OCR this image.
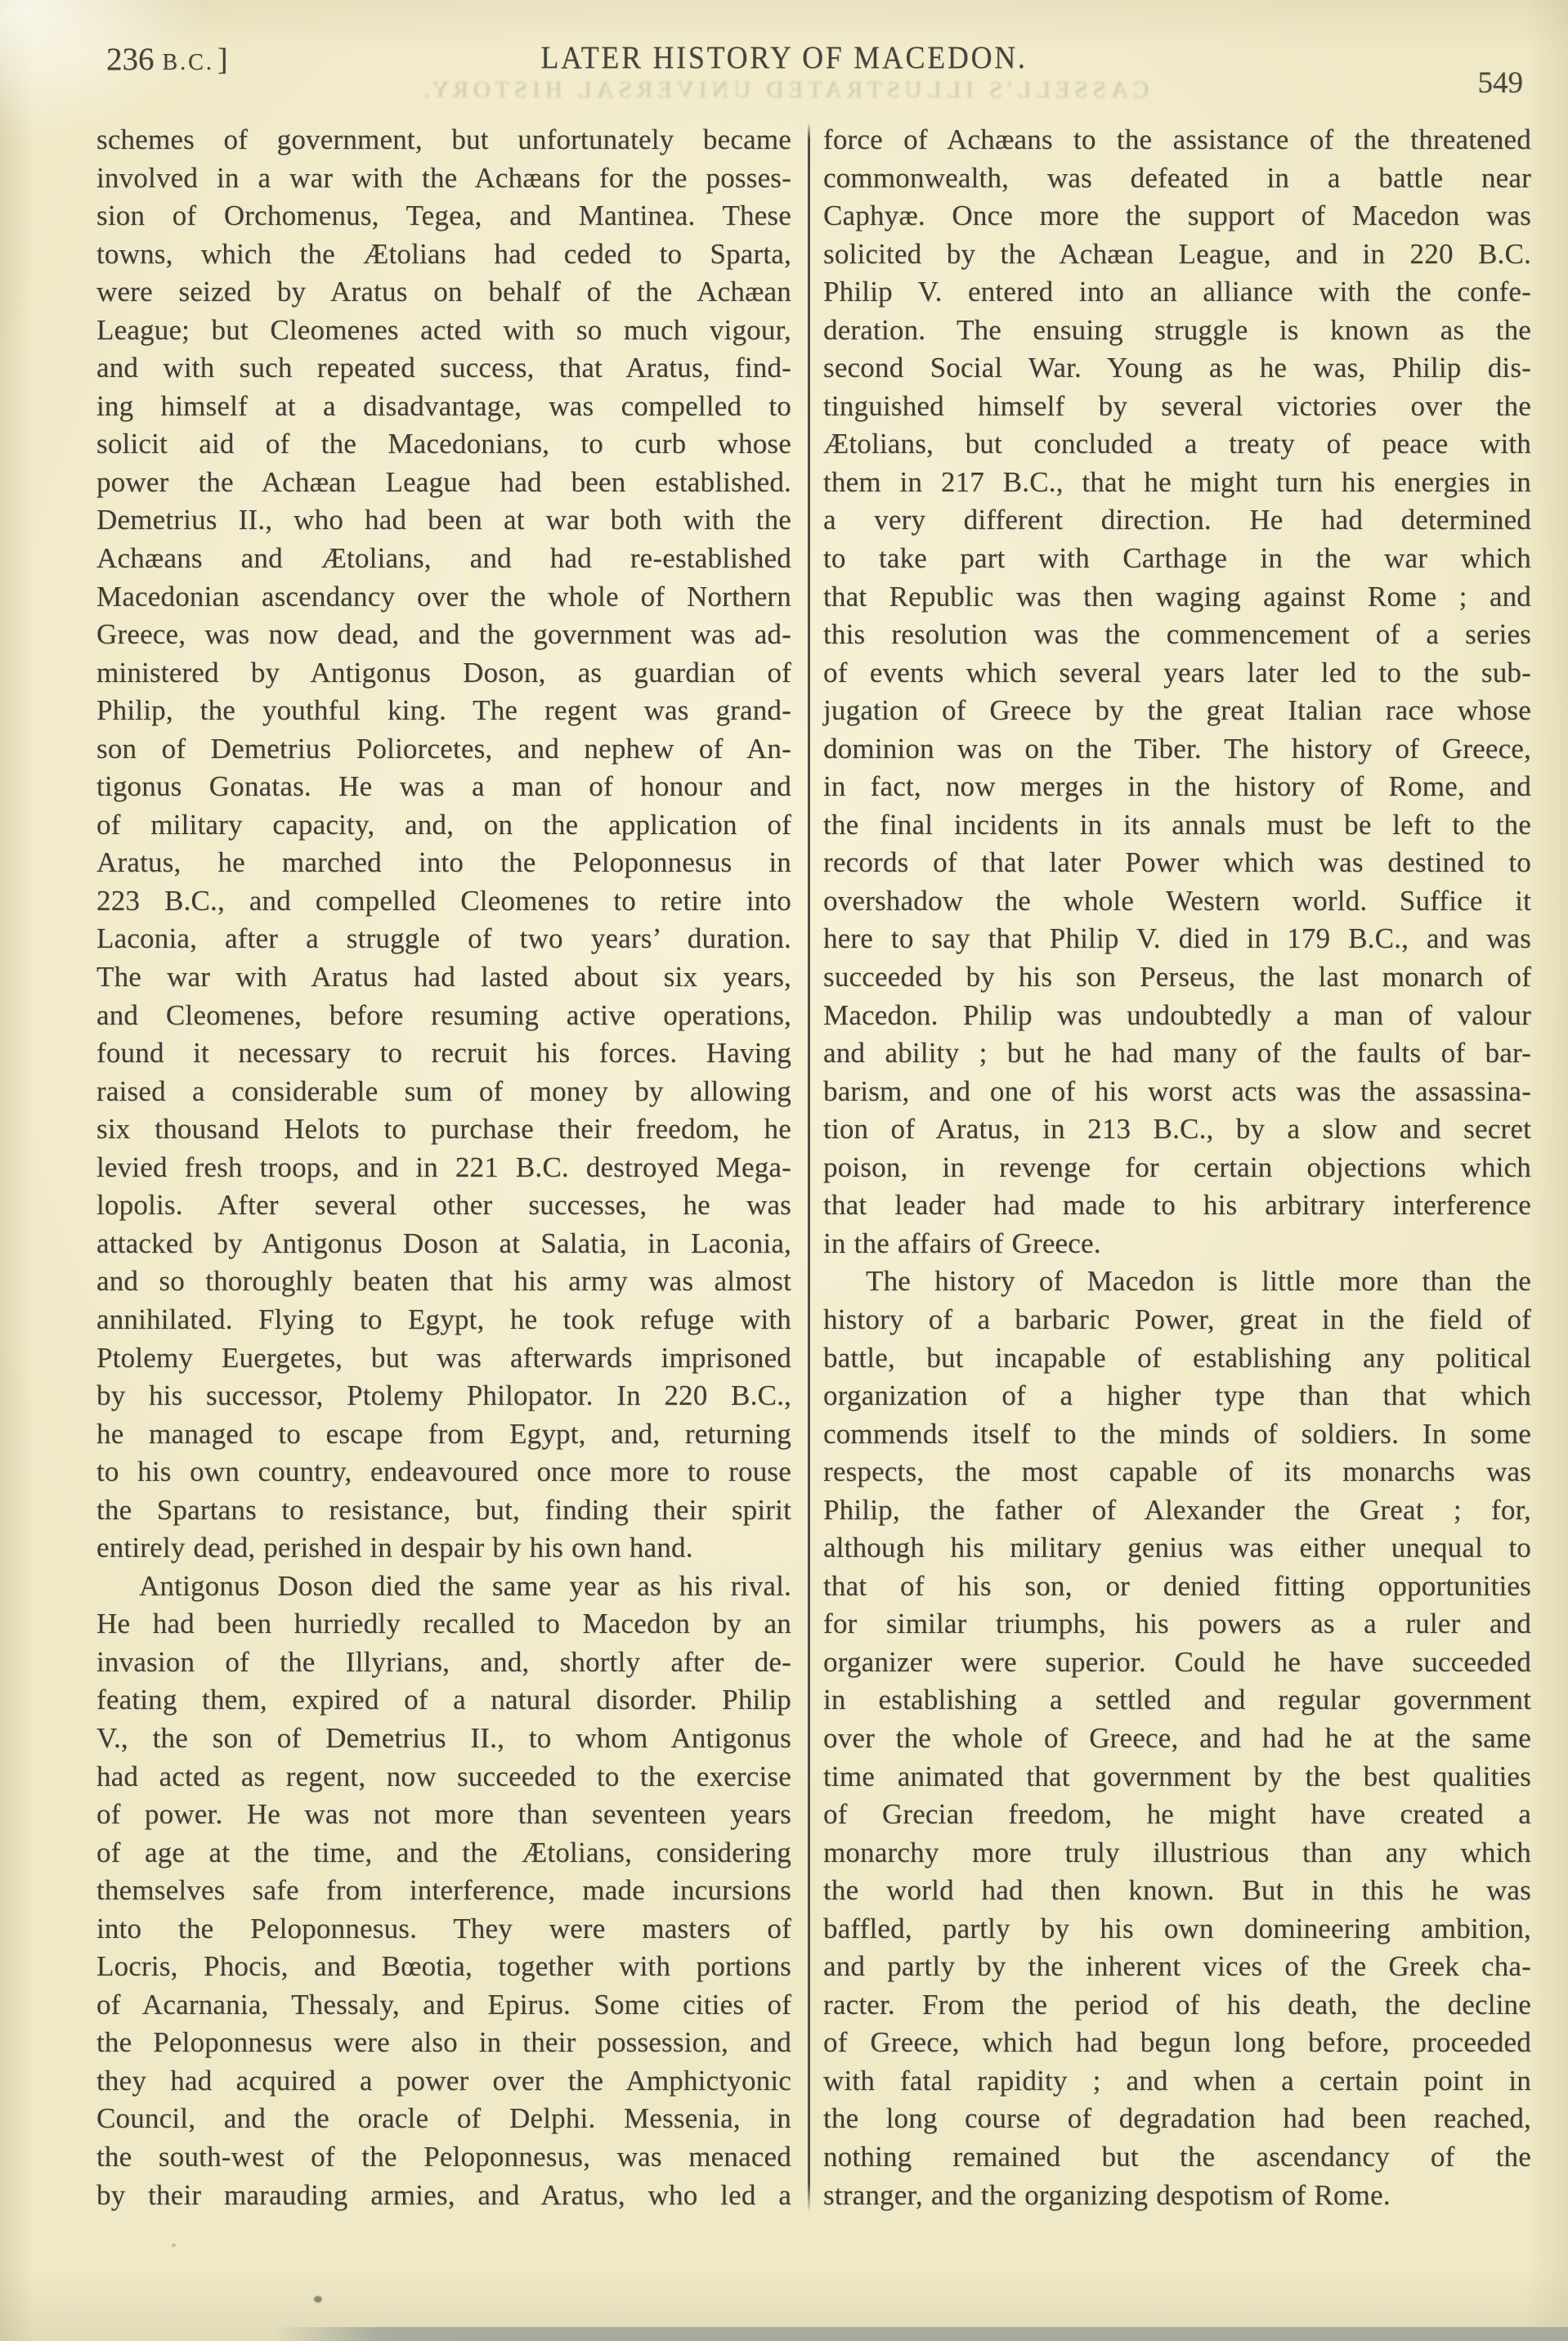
CASSELL'S ILLUSTRATED UNIVERSAL HISTORY.
236 B.C. ]	LATER HISTORY OF MACEDON.
549
schemes of government, but unfortunately became
involved in a war with the Achæans for the posses-
sion of Orchomenus, Tegea, and Mantinea. These
towns, which the Ætolians had ceded to Sparta,
were seized by Aratus on behalf of the Achæan
League; but Cleomenes acted with so much vigour,
and with such repeated success, that Aratus, find-
ing himself at a disadvantage, was compelled to
solicit aid of the Macedonians, to curb whose
power the Achæan League had been established.
Demetrius II., who had been at war both with the
Achæans and Ætolians, and had re-established
Macedonian ascendancy over the whole of Northern
Greece, was now dead, and the government was ad-
ministered by Antigonus Doson, as guardian of
Philip, the youthful king. The regent was grand-
son of Demetrius Poliorcetes, and nephew of An-
tigonus Gonatas. He was a man of honour and
of military capacity, and, on the application of
Aratus, he marched into the Peloponnesus in
223 B.C., and compelled Cleomenes to retire into
Laconia, after a struggle of two years’ duration.
The war with Aratus had lasted about six years,
and Cleomenes, before resuming active operations,
found it necessary to recruit his forces. Having
raised a considerable sum of money by allowing
six thousand Helots to purchase their freedom, he
levied fresh troops, and in 221 B.C. destroyed Mega-
lopolis. After several other successes, he was
attacked by Antigonus Doson at Salatia, in Laconia,
and so thoroughly beaten that his army was almost
annihilated. Flying to Egypt, he took refuge with
Ptolemy Euergetes, but was afterwards imprisoned
by his successor, Ptolemy Philopator. In 220 B.C.,
he managed to escape from Egypt, and, returning
to his own country, endeavoured once more to rouse
the Spartans to resistance, but, finding their spirit
entirely dead, perished in despair by his own hand.
Antigonus Doson died the same year as his rival.
He had been hurriedly recalled to Macedon by an
invasion of the Illyrians, and, shortly after de-
feating them, expired of a natural disorder. Philip
V., the son of Demetrius II., to whom Antigonus
had acted as regent, now succeeded to the exercise
of power. He was not more than seventeen years
of age at the time, and the Ætolians, considering
themselves safe from interference, made incursions
into the Peloponnesus. They were masters of
Locris, Phocis, and Bœotia, together with portions
of Acarnania, Thessaly, and Epirus. Some cities of
the Peloponnesus were also in their possession, and
they had acquired a power over the Amphictyonic
Council, and the oracle of Delphi. Messenia, in
the south-west of the Peloponnesus, was menaced
by their marauding armies, and Aratus, who led a
force of Achæans to the assistance of the threatened
commonwealth, was defeated in a battle near
Caphyæ. Once more the support of Macedon was
solicited by the Achæan League, and in 220 B.C.
Philip V. entered into an alliance with the confe-
deration. The ensuing struggle is known as the
second Social War. Young as he was, Philip dis-
tinguished himself by several victories over the
Ætolians, but concluded a treaty of peace with
them in 217 B.C., that he might turn his energies in
a very different direction. He had determined
to take part with Carthage in the war which
that Republic was then waging against Rome ; and
this resolution was the commencement of a series
of events which several years later led to the sub-
jugation of Greece by the great Italian race whose
dominion was on the Tiber. The history of Greece,
in fact, now merges in the history of Rome, and
the final incidents in its annals must be left to the
records of that later Power which was destined to
overshadow the whole Western world. Suffice it
here to say that Philip V. died in 179 B.C., and was
succeeded by his son Perseus, the last monarch of
Macedon. Philip was undoubtedly a man of valour
and ability ; but he had many of the faults of bar-
barism, and one of his worst acts was the assassina-
tion of Aratus, in 213 B.C., by a slow and secret
poison, in revenge for certain objections which
that leader had made to his arbitrary interference
in the affairs of Greece.
The history of Macedon is little more than the
history of a barbaric Power, great in the field of
battle, but incapable of establishing any political
organization of a higher type than that which
commends itself to the minds of soldiers. In some
respects, the most capable of its monarchs was
Philip, the father of Alexander the Great ; for,
although his military genius was either unequal to
that of his son, or denied fitting opportunities
for similar triumphs, his powers as a ruler and
organizer were superior. Could he have succeeded
in establishing a settled and regular government
over the whole of Greece, and had he at the same
time animated that government by the best qualities
of Grecian freedom, he might have created a
monarchy more truly illustrious than any which
the world had then known. But in this he was
baffled, partly by his own domineering ambition,
and partly by the inherent vices of the Greek cha-
racter. From the period of his death, the decline
of Greece, which had begun long before, proceeded
with fatal rapidity ; and when a certain point in
the long course of degradation had been reached,
nothing remained but the ascendancy of the
stranger, and the organizing despotism of Rome.
